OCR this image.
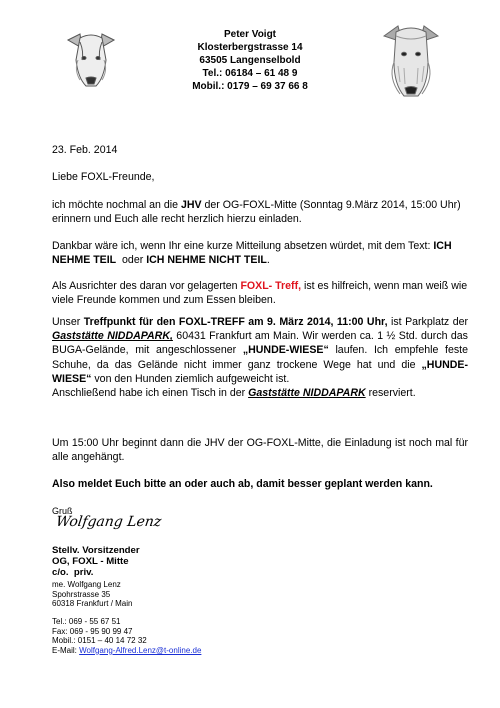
Peter Voigt
Klosterbergstrasse 14
63505 Langenselbold
Tel.: 06184 – 61 48 9
Mobil.: 0179 – 69 37 66 8
23. Feb. 2014
Liebe FOXL-Freunde,
ich möchte nochmal an die JHV der OG-FOXL-Mitte (Sonntag 9.März 2014, 15:00 Uhr) erinnern und Euch alle recht herzlich hierzu einladen.
Dankbar wäre ich, wenn Ihr eine kurze Mitteilung absetzen würdet, mit dem Text: ICH NEHME TEIL  oder ICH NEHME NICHT TEIL.
Als Ausrichter des daran vor gelagerten FOXL- Treff, ist es hilfreich, wenn man weiß wie viele Freunde kommen und zum Essen bleiben.
Unser Treffpunkt für den FOXL-TREFF am 9. März 2014, 11:00 Uhr, ist Parkplatz der Gaststätte NIDDAPARK, 60431 Frankfurt am Main. Wir werden ca. 1 ½ Std. durch das BUGA-Gelände, mit angeschlossener „HUNDE-WIESE“ laufen. Ich empfehle feste Schuhe, da das Gelände nicht immer ganz trockene Wege hat und die „HUNDE-WIESE“ von den Hunden ziemlich aufgeweicht ist.
Anschließend habe ich einen Tisch in der Gaststätte NIDDAPARK reserviert.
Um 15:00 Uhr beginnt dann die JHV der OG-FOXL-Mitte, die Einladung ist noch mal für alle angehängt.
Also meldet Euch bitte an oder auch ab, damit besser geplant werden kann.
Gruß
Wolfgang Lenz
Stellv. Vorsitzender
OG, FOXL - Mitte
c/o.  priv.
me. Wolfgang Lenz
Spohrstrasse 35
60318 Frankfurt / Main
Tel.: 069 - 55 67 51
Fax: 069 - 95 90 99 47
Mobil.: 0151 – 40 14 72 32
E-Mail: Wolfgang-Alfred.Lenz@t-online.de
